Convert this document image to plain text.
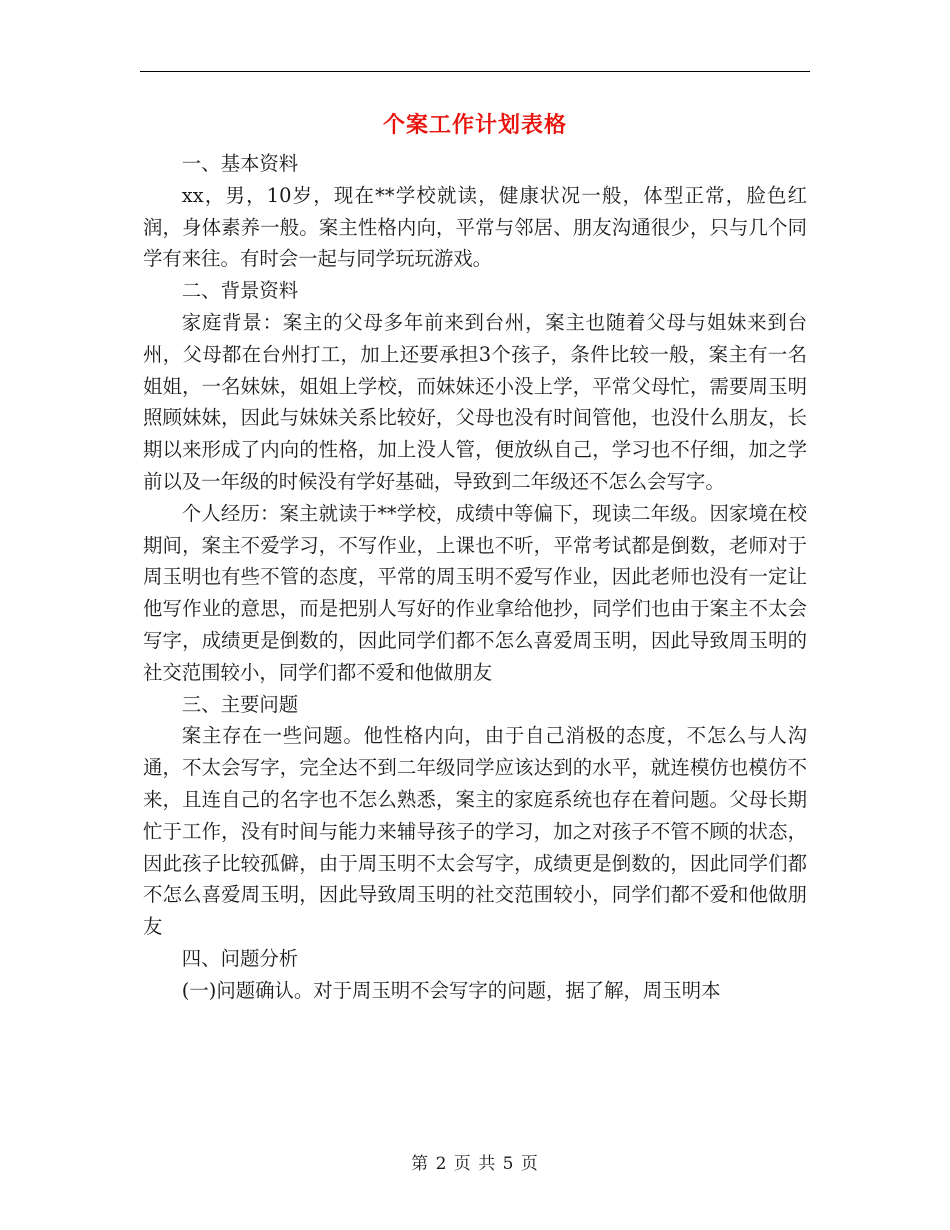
个案工作计划表格

一、基本资料

xx，男，10岁，现在**学校就读，健康状况一般，体型正常，脸色红润，身体素养一般。案主性格内向，平常与邻居、朋友沟通很少，只与几个同学有来往。有时会一起与同学玩玩游戏。

二、背景资料

家庭背景：案主的父母多年前来到台州，案主也随着父母与姐妹来到台州，父母都在台州打工，加上还要承担3个孩子，条件比较一般，案主有一名姐姐，一名妹妹，姐姐上学校，而妹妹还小没上学，平常父母忙，需要周玉明照顾妹妹，因此与妹妹关系比较好，父母也没有时间管他，也没什么朋友，长期以来形成了内向的性格，加上没人管，便放纵自己，学习也不仔细，加之学前以及一年级的时候没有学好基础，导致到二年级还不怎么会写字。

个人经历：案主就读于**学校，成绩中等偏下，现读二年级。因家境在校期间，案主不爱学习，不写作业，上课也不听，平常考试都是倒数，老师对于周玉明也有些不管的态度，平常的周玉明不爱写作业，因此老师也没有一定让他写作业的意思，而是把别人写好的作业拿给他抄，同学们也由于案主不太会写字，成绩更是倒数的，因此同学们都不怎么喜爱周玉明，因此导致周玉明的社交范围较小，同学们都不爱和他做朋友

三、主要问题

案主存在一些问题。他性格内向，由于自己消极的态度，不怎么与人沟通，不太会写字，完全达不到二年级同学应该达到的水平，就连模仿也模仿不来，且连自己的名字也不怎么熟悉，案主的家庭系统也存在着问题。父母长期忙于工作，没有时间与能力来辅导孩子的学习，加之对孩子不管不顾的状态，因此孩子比较孤僻，由于周玉明不太会写字，成绩更是倒数的，因此同学们都不怎么喜爱周玉明，因此导致周玉明的社交范围较小，同学们都不爱和他做朋友

四、问题分析

(一)问题确认。对于周玉明不会写字的问题，据了解，周玉明本

第 2 页 共 5 页
